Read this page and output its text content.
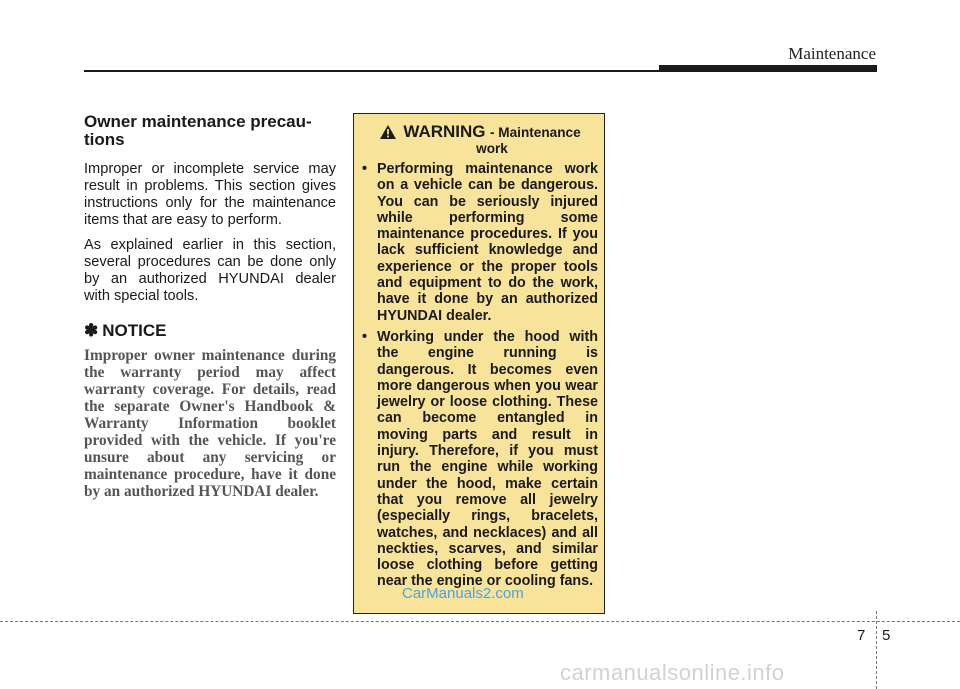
Maintenance
Owner maintenance precau-
tions

Improper or incomplete service may result in problems. This section gives instructions only for the maintenance items that are easy to perform.

As explained earlier in this section, several procedures can be done only by an authorized HYUNDAI dealer with special tools.

✽ NOTICE

Improper owner maintenance during the warranty period may affect warranty coverage. For details, read the separate Owner's Handbook & Warranty Information booklet provided with the vehicle. If you're unsure about any servicing or maintenance procedure, have it done by an authorized HYUNDAI dealer.

WARNING - Maintenance
work
• Performing maintenance work on a vehicle can be dangerous. You can be seriously injured while performing some maintenance procedures. If you lack sufficient knowledge and experience or the proper tools and equipment to do the work, have it done by an authorized HYUNDAI dealer.
• Working under the hood with the engine running is dangerous. It becomes even more dangerous when you wear jewelry or loose clothing. These can become entangled in moving parts and result in injury. Therefore, if you must run the engine while working under the hood, make certain that you remove all jewelry (especially rings, bracelets, watches, and necklaces) and all neckties, scarves, and similar loose clothing before getting near the engine or cooling fans.
CarManuals2.com
7 5
carmanualsonline.info
